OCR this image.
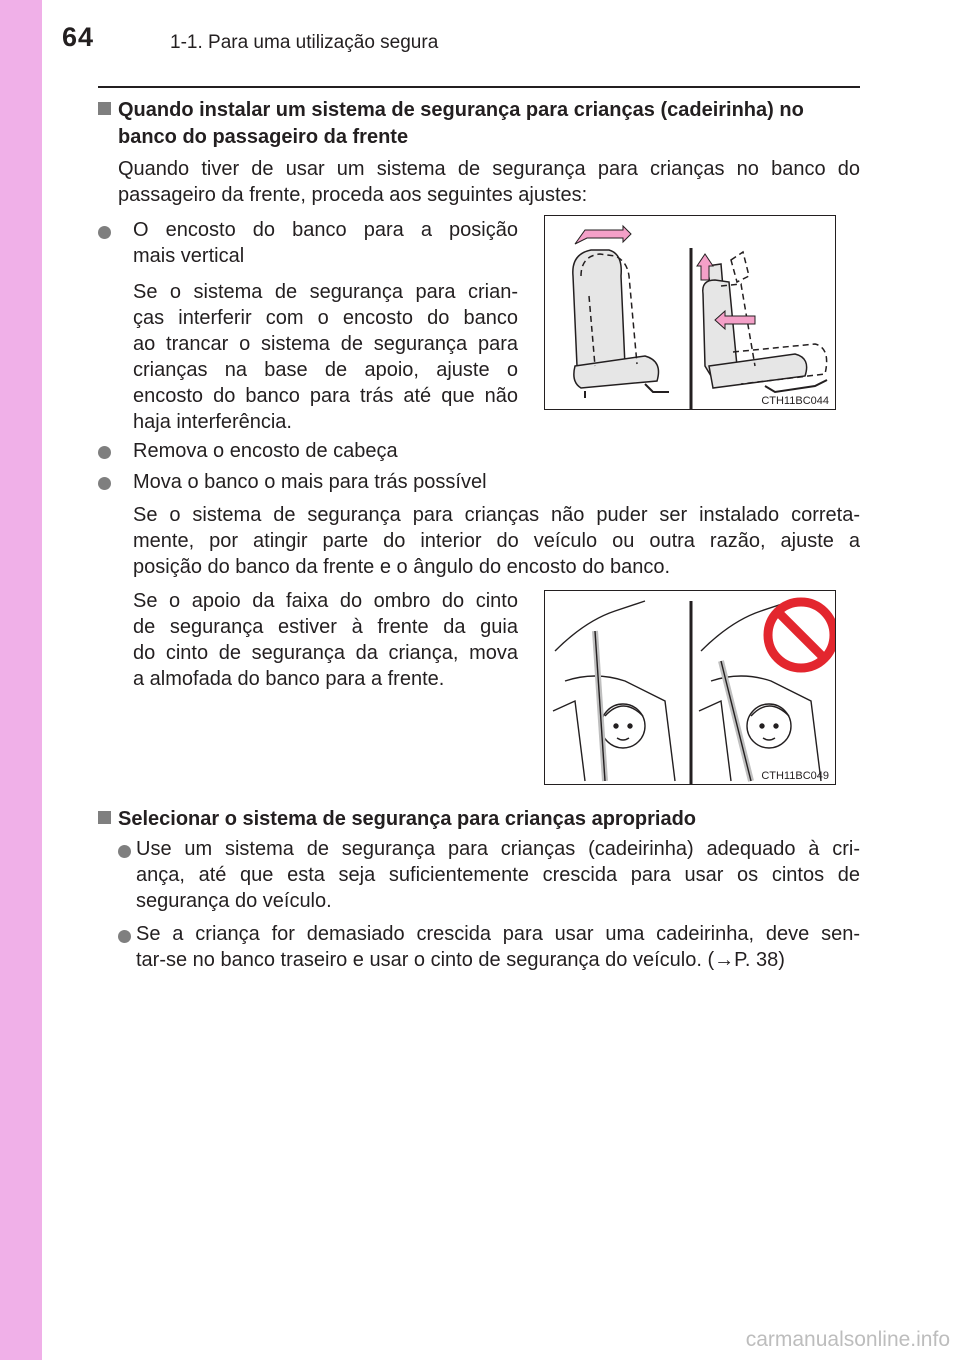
64	1-1. Para uma utilização segura
Quando instalar um sistema de segurança para crianças (cadeirinha) no
banco do passageiro da frente
Quando tiver de usar um sistema de segurança para crianças no banco do
passageiro da frente, proceda aos seguintes ajustes:
O encosto do banco para a posição
mais vertical
Se o sistema de segurança para crian-
ças interferir com o encosto do banco
ao trancar o sistema de segurança para
crianças na base de apoio, ajuste o
encosto do banco para trás até que não
haja interferência.
CTH11BC044
Remova o encosto de cabeça
Mova o banco o mais para trás possível
Se o sistema de segurança para crianças não puder ser instalado correta-
mente, por atingir parte do interior do veículo ou outra razão, ajuste a
posição do banco da frente e o ângulo do encosto do banco.
Se o apoio da faixa do ombro do cinto
de segurança estiver à frente da guia
do cinto de segurança da criança, mova
a almofada do banco para a frente.
CTH11BC049
Selecionar o sistema de segurança para crianças apropriado
Use um sistema de segurança para crianças (cadeirinha) adequado à cri-
ança, até que esta seja suficientemente crescida para usar os cintos de
segurança do veículo.
Se a criança for demasiado crescida para usar uma cadeirinha, deve sen-
tar-se no banco traseiro e usar o cinto de segurança do veículo. (→P. 38)
carmanualsonline.info
